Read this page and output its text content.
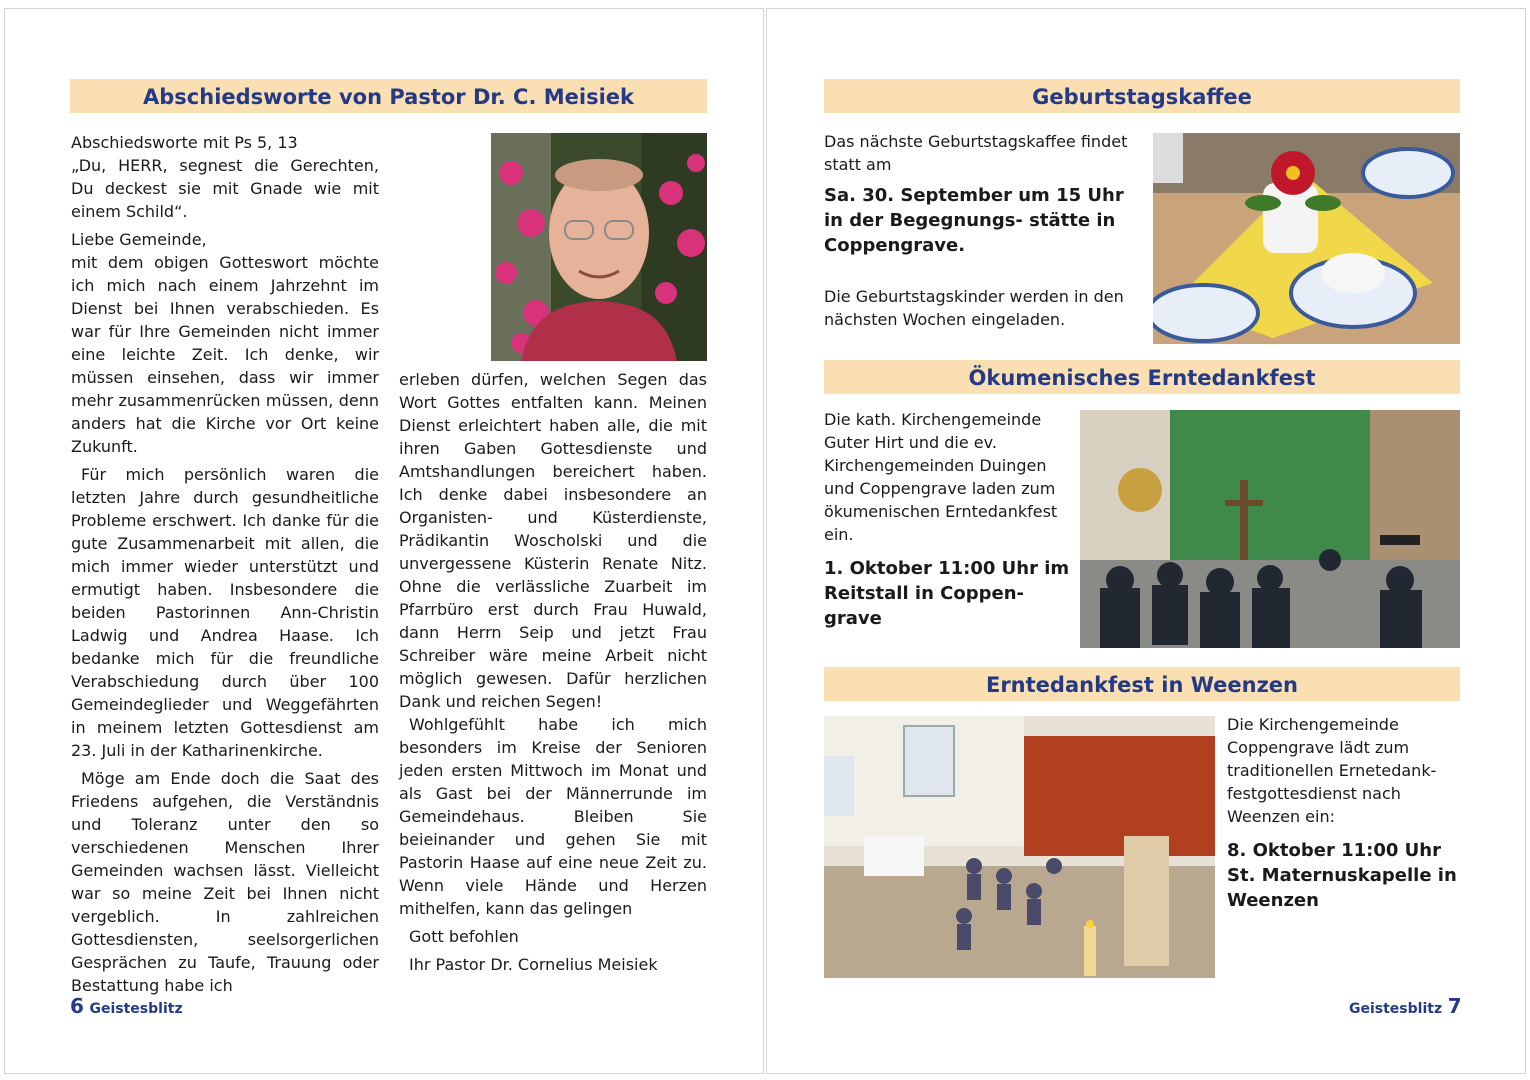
Abschiedsworte von Pastor Dr. C. Meisiek
Abschiedsworte mit Ps 5, 13

„Du, HERR, segnest die Gerechten, Du deckest sie mit Gnade wie mit einem Schild“.

Liebe Gemeinde,

mit dem obigen Gotteswort möchte ich mich nach einem Jahrzehnt im Dienst bei Ihnen verabschieden. Es war für Ihre Gemeinden nicht immer eine leichte Zeit. Ich denke, wir müssen einsehen, dass wir immer mehr zusammenrücken müssen, denn anders hat die Kirche vor Ort keine Zukunft.

Für mich persönlich waren die letzten Jahre durch gesundheitliche Probleme erschwert. Ich danke für die gute Zusammenarbeit mit allen, die mich immer wieder unterstützt und ermutigt haben. Insbesondere die beiden Pastorinnen Ann-Christin Ladwig und Andrea Haase. Ich bedanke mich für die freundliche Verabschiedung durch über 100 Gemeindeglieder und Weggefährten in meinem letzten Gottesdienst am 23. Juli in der Katharinenkirche.

Möge am Ende doch die Saat des Friedens aufgehen, die Verständnis und Toleranz unter den so verschiedenen Menschen Ihrer Gemeinden wachsen lässt. Vielleicht war so meine Zeit bei Ihnen nicht vergeblich. In zahlreichen Gottesdiensten, seelsorgerlichen Gesprächen zu Taufe, Trauung oder Bestattung habe ich

erleben dürfen, welchen Segen das Wort Gottes entfalten kann. Meinen Dienst erleichtert haben alle, die mit ihren Gaben Gottesdienste und Amtshandlungen bereichert haben. Ich denke dabei insbesondere an Organisten- und Küsterdienste, Prädikantin Woscholski und die unvergessene Küsterin Renate Nitz. Ohne die verlässliche Zuarbeit im Pfarrbüro erst durch Frau Huwald, dann Herrn Seip und jetzt Frau Schreiber wäre meine Arbeit nicht möglich gewesen. Dafür herzlichen Dank und reichen Segen!

Wohlgefühlt habe ich mich besonders im Kreise der Senioren jeden ersten Mittwoch im Monat und als Gast bei der Männerrunde im Gemeindehaus. Bleiben Sie beieinander und gehen Sie mit Pastorin Haase auf eine neue Zeit zu. Wenn viele Hände und Herzen mithelfen, kann das gelingen

Gott befohlen
Ihr Pastor Dr. Cornelius Meisiek
6 Geistesblitz
Geburtstagskaffee
Das nächste Geburtstagskaffee findet statt am
Sa. 30. September um 15 Uhr in der Begegnungs- stätte in Coppengrave.
Die Geburtstagskinder werden in den nächsten Wochen eingeladen.
Ökumenisches Erntedankfest
Die kath. Kirchengemeinde Guter Hirt und die ev. Kirchengemeinden Duingen und Coppengrave laden zum ökumenischen Erntedankfest ein.
1. Oktober 11:00 Uhr im Reitstall in Coppen- grave
Erntedankfest in Weenzen
Die Kirchengemeinde Coppengrave lädt zum traditionellen Ernetedank- festgottesdienst nach Weenzen ein:
8. Oktober 11:00 Uhr St. Maternuskapelle in Weenzen
Geistesblitz 7
